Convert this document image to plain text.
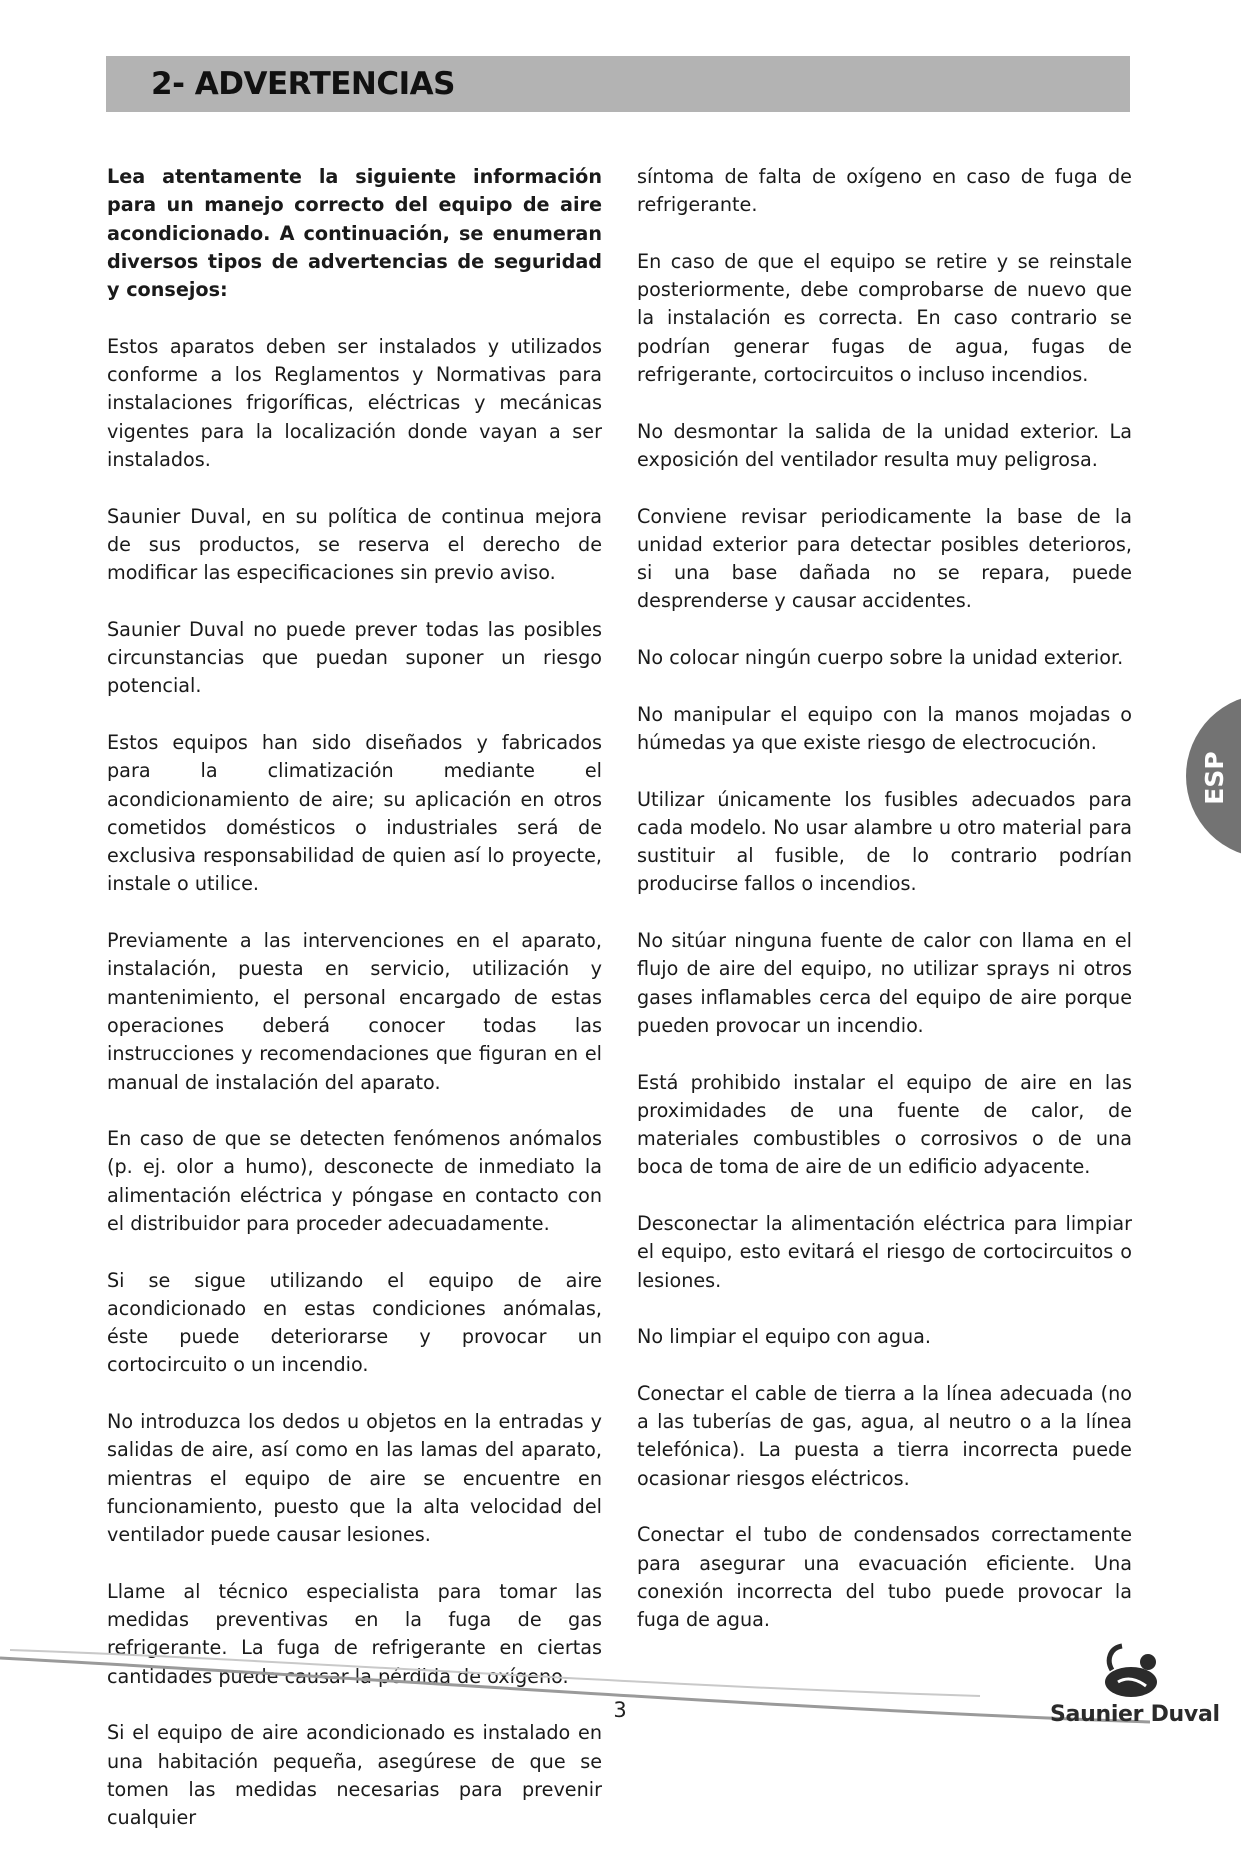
2- ADVERTENCIAS

Lea atentamente la siguiente información para un manejo correcto del equipo de aire acondicionado. A continuación, se enumeran diversos tipos de advertencias de seguridad y consejos:

Estos aparatos deben ser instalados y utilizados conforme a los Reglamentos y Normativas para instalaciones frigoríficas, eléctricas y mecánicas vigentes para la localización donde vayan a ser instalados.

Saunier Duval, en su política de continua mejora de sus productos, se reserva el derecho de modificar las especificaciones sin previo aviso.

Saunier Duval no puede prever todas las posibles circunstancias que puedan suponer un riesgo potencial.

Estos equipos han sido diseñados y fabricados para la climatización mediante el acondicionamiento de aire; su aplicación en otros cometidos domésticos o industriales será de exclusiva responsabilidad de quien así lo proyecte, instale o utilice.

Previamente a las intervenciones en el aparato, instalación, puesta en servicio, utilización y mantenimiento, el personal encargado de estas operaciones deberá conocer todas las instrucciones y recomendaciones que figuran en el manual de instalación del aparato.

En caso de que se detecten fenómenos anómalos (p. ej. olor a humo), desconecte de inmediato la alimentación eléctrica y póngase en contacto con el distribuidor para proceder adecuadamente.

Si se sigue utilizando el equipo de aire acondicionado en estas condiciones anómalas, éste puede deteriorarse y provocar un cortocircuito o un incendio.

No introduzca los dedos u objetos en la entradas y salidas de aire, así como en las lamas del aparato, mientras el equipo de aire se encuentre en funcionamiento, puesto que la alta velocidad del ventilador puede causar lesiones.

Llame al técnico especialista para tomar las medidas preventivas en la fuga de gas refrigerante. La fuga de refrigerante en ciertas cantidades puede causar la pérdida de oxígeno.

Si el equipo de aire acondicionado es instalado en una habitación pequeña, asegúrese de que se tomen las medidas necesarias para prevenir cualquier

síntoma de falta de oxígeno en caso de fuga de refrigerante.

En caso de que el equipo se retire y se reinstale posteriormente, debe comprobarse de nuevo que la instalación es correcta. En caso contrario se podrían generar fugas de agua, fugas de refrigerante, cortocircuitos o incluso incendios.

No desmontar la salida de la unidad exterior. La exposición del ventilador resulta muy peligrosa.

Conviene revisar periodicamente la base de la unidad exterior para detectar posibles deterioros, si una base dañada no se repara, puede desprenderse y causar accidentes.

No colocar ningún cuerpo sobre la unidad exterior.

No manipular el equipo con la manos mojadas o húmedas ya que existe riesgo de electrocución.

Utilizar únicamente los fusibles adecuados para cada modelo. No usar alambre u otro material para sustituir al fusible, de lo contrario podrían producirse fallos o incendios.

No sitúar ninguna fuente de calor con llama en el flujo de aire del equipo, no utilizar sprays ni otros gases inflamables cerca del equipo de aire porque pueden provocar un incendio.

Está prohibido instalar el equipo de aire en las proximidades de una fuente de calor, de materiales combustibles o corrosivos o de una boca de toma de aire de un edificio adyacente.

Desconectar la alimentación eléctrica para limpiar el equipo, esto evitará el riesgo de cortocircuitos o lesiones.

No limpiar el equipo con agua.

Conectar el cable de tierra a la línea adecuada (no a las tuberías de gas, agua, al neutro o a la línea telefónica). La puesta a tierra incorrecta puede ocasionar riesgos eléctricos.

Conectar el tubo de condensados correctamente para asegurar una evacuación eficiente. Una conexión incorrecta del tubo puede provocar la fuga de agua.

ESP
3	Saunier Duval
